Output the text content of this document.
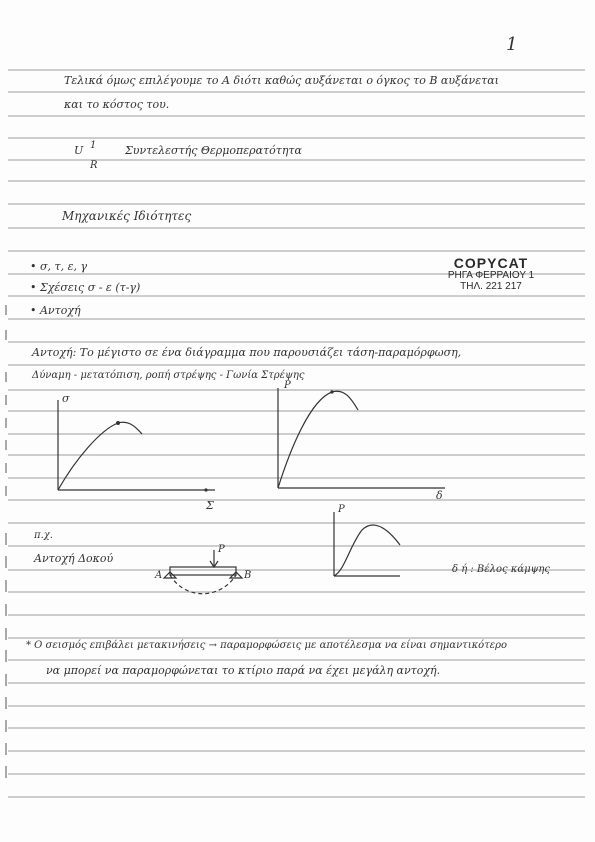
1
Τελικά όμως επιλέγουμε το Α διότι καθώς αυξάνεται ο όγκος το Β αυξάνεται
και το κόστος του.
U 1
R
Συντελεστής Θερμοπερατότητα
Μηχανικές Ιδιότητες
• σ, τ, ε, γ
• Σχέσεις σ - ε (τ-γ)
• Αντοχή
COPYCAT
ΡΗΓΑ ΦΕΡΡΑΙΟΥ 1
ΤΗΛ. 221 217
Αντοχή: Το μέγιστο σε ένα διάγραμμα που παρουσιάζει τάση-παραμόρφωση,
Δύναμη - μετατόπιση, ροπή στρέψης - Γωνία Στρέψης
σ
Σ
P
δ
P
π.χ.
Αντοχή Δοκού
P
A	B
δ ή : Βέλος κάμψης
* Ο σεισμός επιβάλει μετακινήσεις → παραμορφώσεις με αποτέλεσμα να είναι σημαντικότερο
να μπορεί να παραμορφώνεται το κτίριο παρά να έχει μεγάλη αντοχή.
